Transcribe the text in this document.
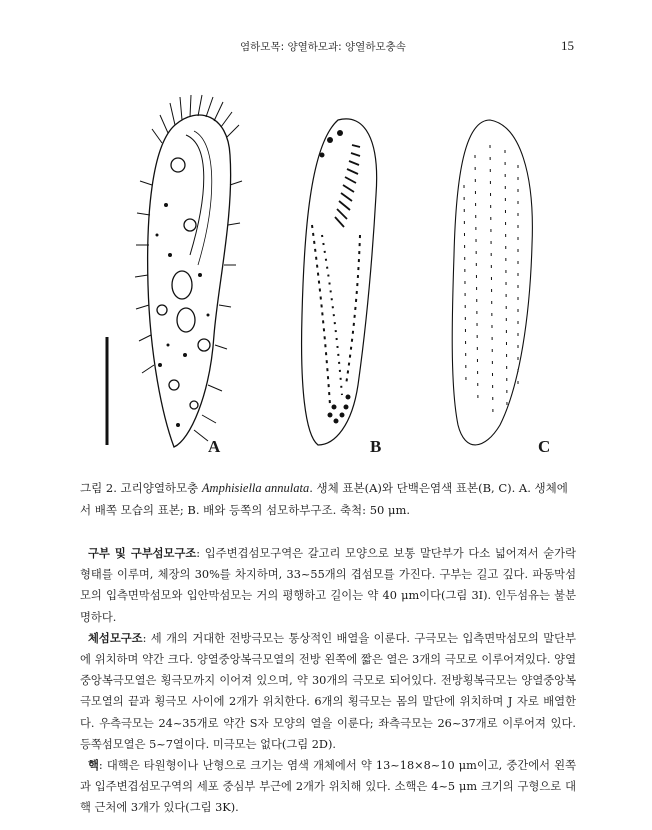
염하모목: 양열하모과: 양열하모충속	15
A	B	C
그림 2. 고리양열하모충 Amphisiella annulata. 생체 표본(A)와 단백은염색 표본(B, C). A. 생체에서 배쪽 모습의 표본; B. 배와 등쪽의 섬모하부구조. 축척: 50 μm.

구부 및 구부섬모구조: 입주변겹섬모구역은 갈고리 모양으로 보통 말단부가 다소 넓어져서 숟가락 형태를 이루며, 체장의 30%를 차지하며, 33~55개의 겹섬모를 가진다. 구부는 길고 깊다. 파동막섬모의 입측면막섬모와 입안막섬모는 거의 평행하고 길이는 약 40 μm이다(그림 3I). 인두섬유는 불분명하다.

체섬모구조: 세 개의 거대한 전방극모는 통상적인 배열을 이룬다. 구극모는 입측면막섬모의 말단부에 위치하며 약간 크다. 양열중앙복극모열의 전방 왼쪽에 짧은 열은 3개의 극모로 이루어져있다. 양열중앙복극모열은 횡극모까지 이어져 있으며, 약 30개의 극모로 되어있다. 전방횡복극모는 양열중앙복극모열의 끝과 횡극모 사이에 2개가 위치한다. 6개의 횡극모는 몸의 말단에 위치하며 J 자로 배열한다. 우측극모는 24~35개로 약간 S자 모양의 열을 이룬다; 좌측극모는 26~37개로 이루어져 있다. 등쪽섬모열은 5~7열이다. 미극모는 없다(그림 2D).

핵: 대핵은 타원형이나 난형으로 크기는 염색 개체에서 약 13~18×8~10 μm이고, 중간에서 왼쪽과 입주변겹섬모구역의 세포 중심부 부근에 2개가 위치해 있다. 소핵은 4~5 μm 크기의 구형으로 대핵 근처에 3개가 있다(그림 3K).
